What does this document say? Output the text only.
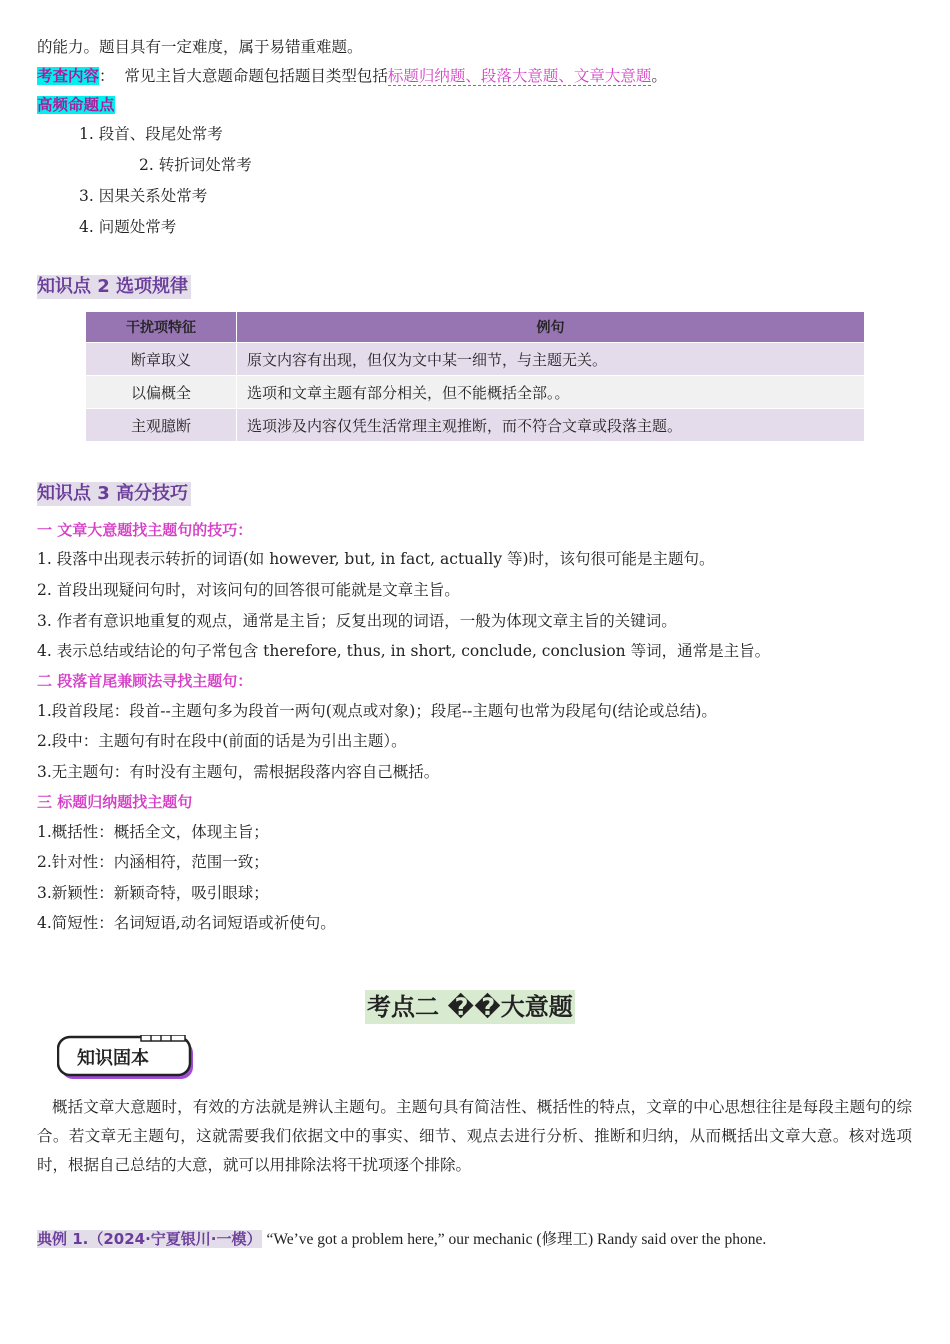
的能力。题目具有一定难度，属于易错重难题。
考查内容： 常见主旨大意题命题包括题目类型包括标题归纳题、段落大意题、文章大意题。
高频命题点
1. 段首、段尾处常考
2. 转折词处常考
3. 因果关系处常考
4. 问题处常考
知识点 2 选项规律
干扰项特征	例句
断章取义	原文内容有出现，但仅为文中某一细节，与主题无关。
以偏概全	选项和文章主题有部分相关，但不能概括全部。。
主观臆断	选项涉及内容仅凭生活常理主观推断，而不符合文章或段落主题。
知识点 3 高分技巧
一 文章大意题找主题句的技巧：
1. 段落中出现表示转折的词语(如 however, but, in fact, actually 等)时，该句很可能是主题句。
2. 首段出现疑问句时，对该问句的回答很可能就是文章主旨。
3. 作者有意识地重复的观点，通常是主旨；反复出现的词语，一般为体现文章主旨的关键词。
4. 表示总结或结论的句子常包含 therefore, thus, in short, conclude, conclusion 等词，通常是主旨。
二 段落首尾兼顾法寻找主题句：
1.段首段尾：段首--主题句多为段首一两句(观点或对象)；段尾--主题句也常为段尾句(结论或总结)。
2.段中：主题句有时在段中(前面的话是为引出主题）。
3.无主题句：有时没有主题句，需根据段落内容自己概括。
三 标题归纳题找主题句
1.概括性：概括全文，体现主旨；
2.针对性：内涵相符，范围一致；
3.新颖性：新颖奇特，吸引眼球；
4.简短性：名词短语,动名词短语或祈使句。
考点二 ��大意题
知识固本
概括文章大意题时，有效的方法就是辨认主题句。主题句具有简洁性、概括性的特点，文章的中心思想往往是每段主题句的综合。若文章无主题句，这就需要我们依据文中的事实、细节、观点去进行分析、推断和归纳，从而概括出文章大意。核对选项时，根据自己总结的大意，就可以用排除法将干扰项逐个排除。
典例 1.（2024·宁夏银川·一模） “We’ve got a problem here,” our mechanic (修理工) Randy said over the phone.
